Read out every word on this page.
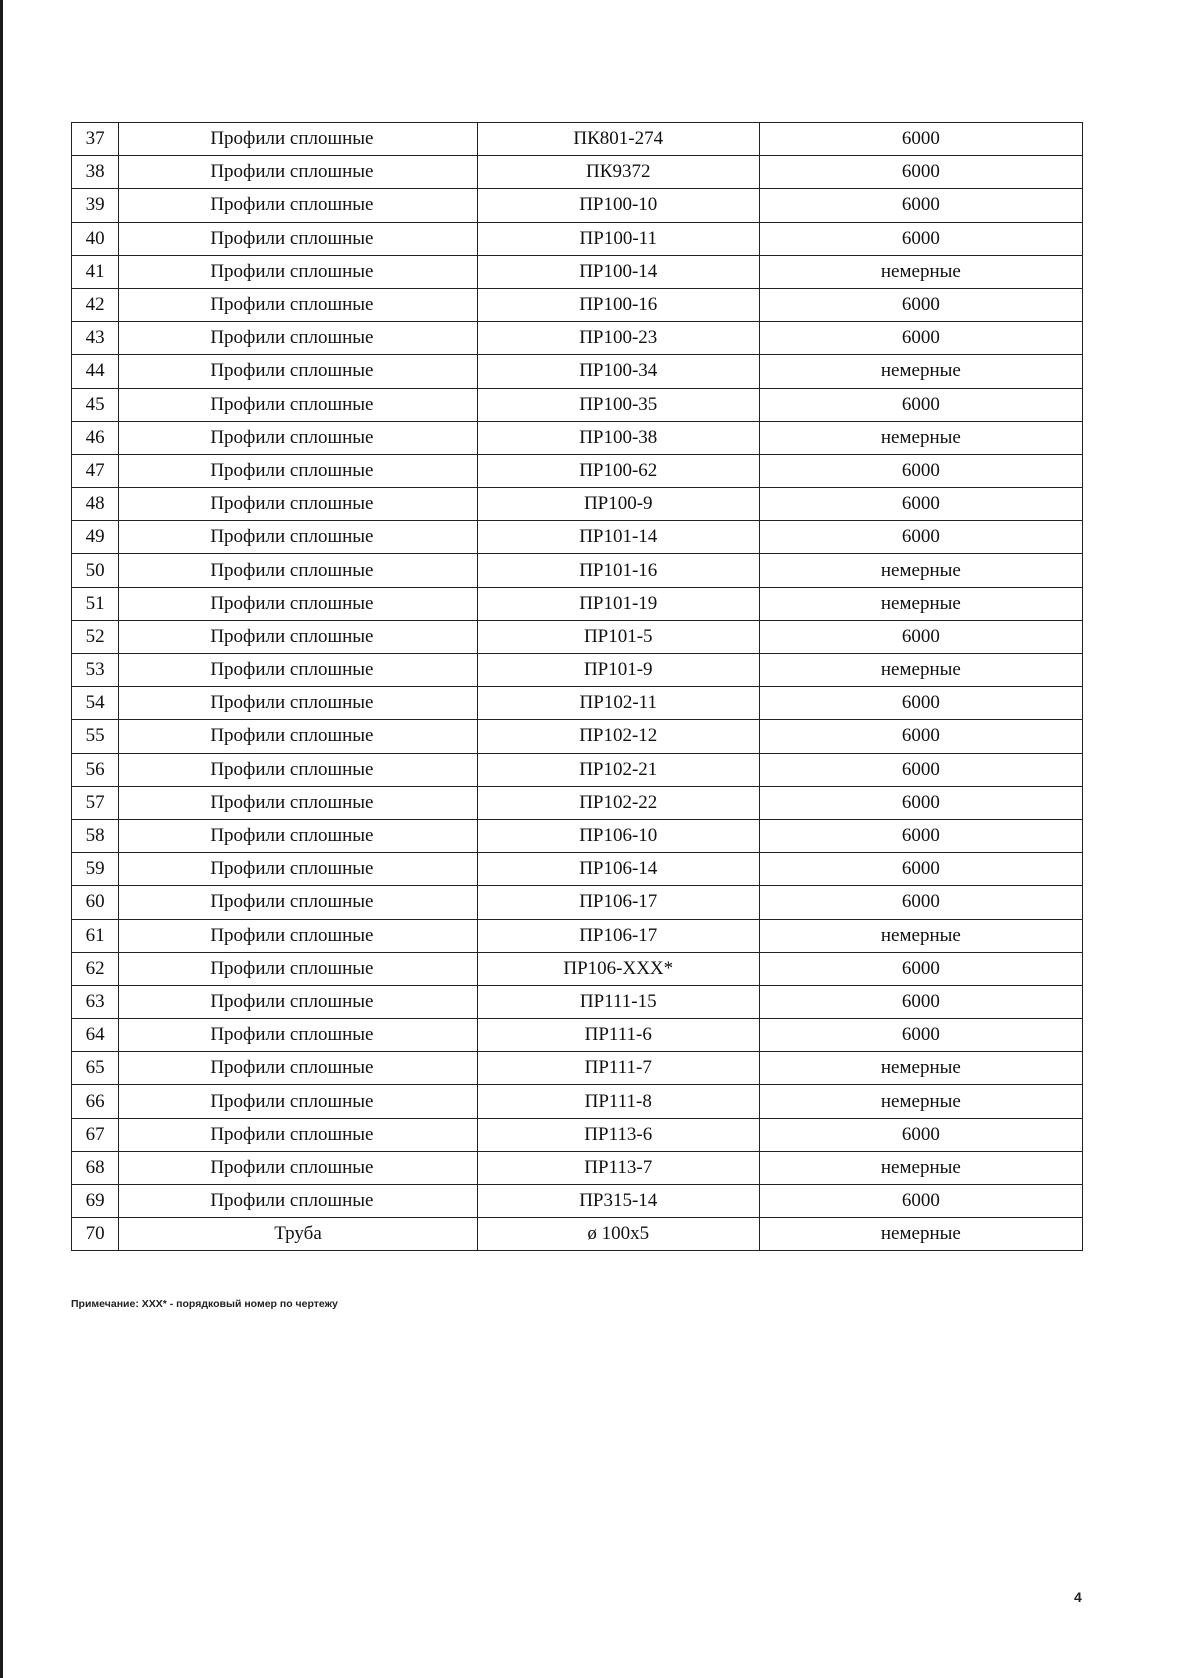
37	Профили сплошные	ПК801-274	6000
38	Профили сплошные	ПК9372	6000
39	Профили сплошные	ПР100-10	6000
40	Профили сплошные	ПР100-11	6000
41	Профили сплошные	ПР100-14	немерные
42	Профили сплошные	ПР100-16	6000
43	Профили сплошные	ПР100-23	6000
44	Профили сплошные	ПР100-34	немерные
45	Профили сплошные	ПР100-35	6000
46	Профили сплошные	ПР100-38	немерные
47	Профили сплошные	ПР100-62	6000
48	Профили сплошные	ПР100-9	6000
49	Профили сплошные	ПР101-14	6000
50	Профили сплошные	ПР101-16	немерные
51	Профили сплошные	ПР101-19	немерные
52	Профили сплошные	ПР101-5	6000
53	Профили сплошные	ПР101-9	немерные
54	Профили сплошные	ПР102-11	6000
55	Профили сплошные	ПР102-12	6000
56	Профили сплошные	ПР102-21	6000
57	Профили сплошные	ПР102-22	6000
58	Профили сплошные	ПР106-10	6000
59	Профили сплошные	ПР106-14	6000
60	Профили сплошные	ПР106-17	6000
61	Профили сплошные	ПР106-17	немерные
62	Профили сплошные	ПР106-XXX*	6000
63	Профили сплошные	ПР111-15	6000
64	Профили сплошные	ПР111-6	6000
65	Профили сплошные	ПР111-7	немерные
66	Профили сплошные	ПР111-8	немерные
67	Профили сплошные	ПР113-6	6000
68	Профили сплошные	ПР113-7	немерные
69	Профили сплошные	ПР315-14	6000
70	Труба	ø 100х5	немерные
Примечание: XXX* - порядковый номер по чертежу
4
